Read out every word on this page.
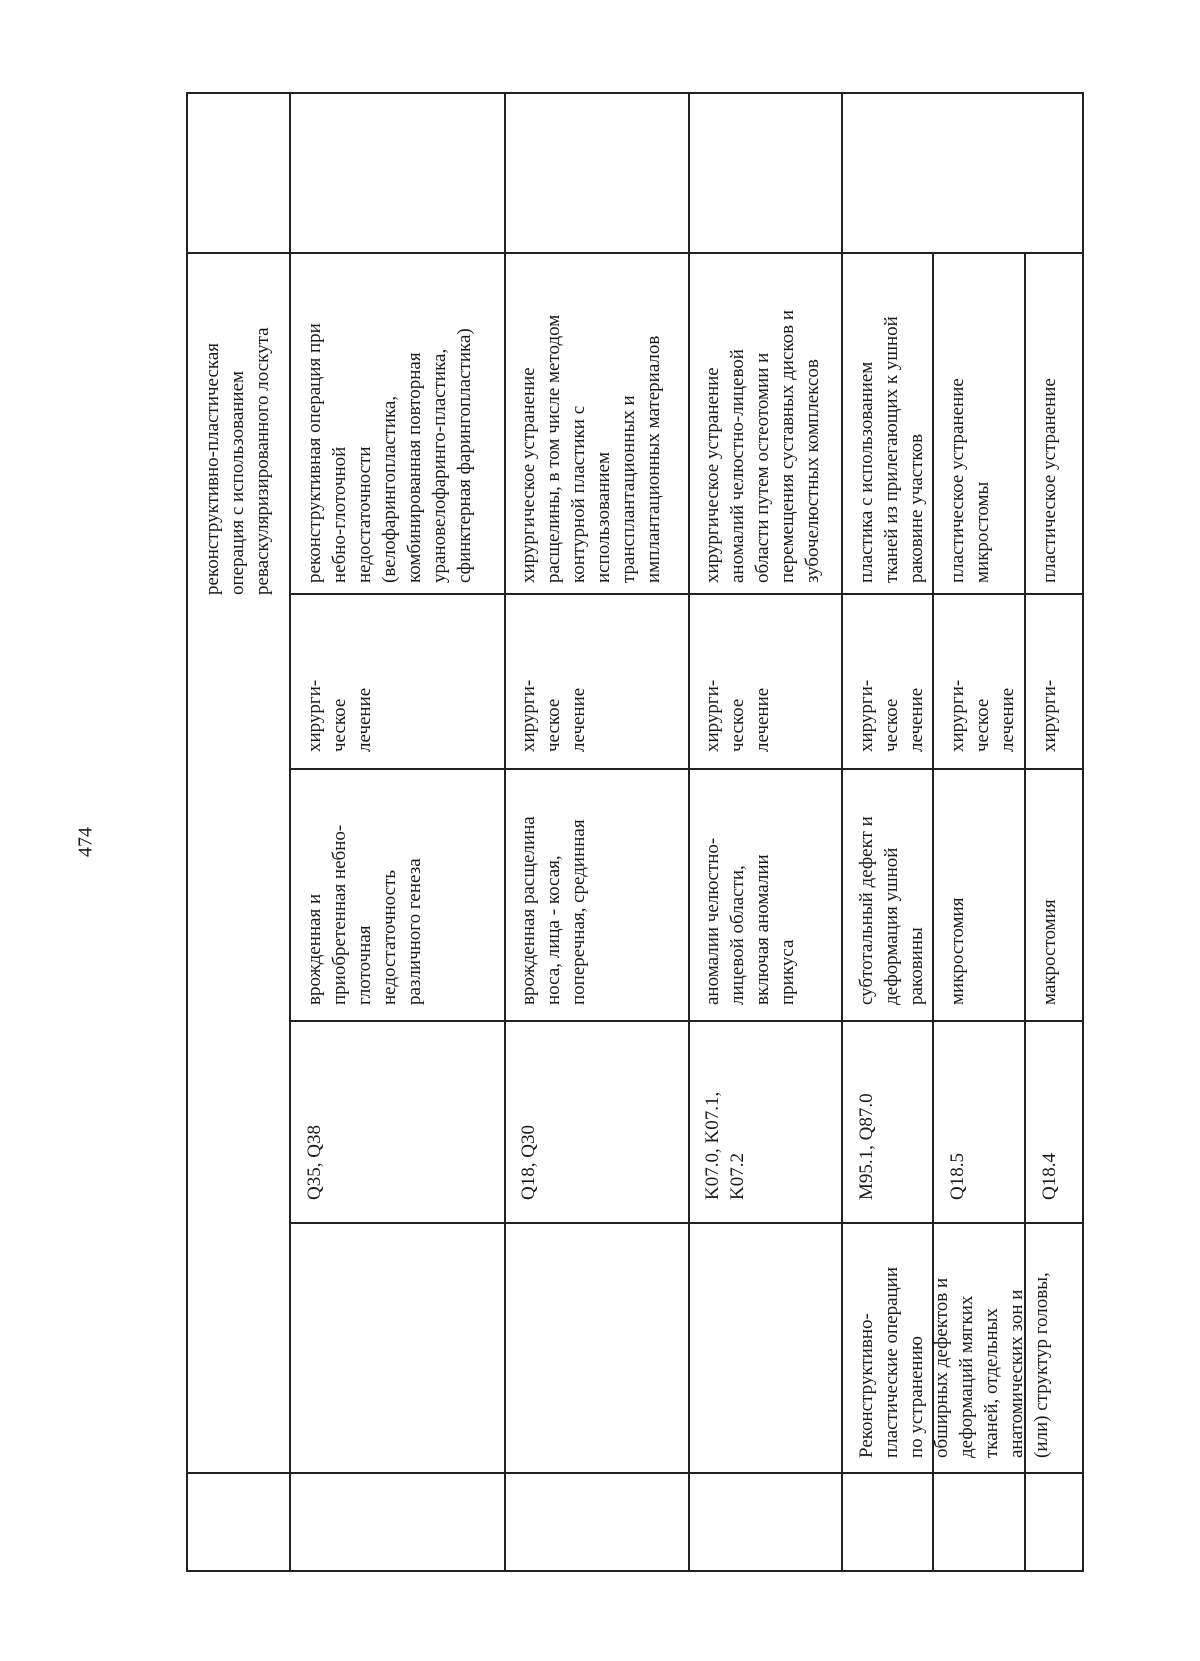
474
реконструктивно-пластическая операция с использованием реваскуляризированного лоскута
Q35, Q38
врожденная и приобретенная небно- глоточная недостаточность различного генеза
хирурги- ческое лечение
реконструктивная операция при небно-глоточной недостаточности (велофарингопластика, комбинированная повторная урановелофаринго-пластика, сфинктерная фарингопластика)
Q18, Q30
врожденная расщелина носа, лица - косая, поперечная, срединная
хирурги- ческое лечение
хирургическое устранение расщелины, в том числе методом контурной пластики с использованием трансплантационных и имплантационных материалов
K07.0, K07.1, K07.2
аномалии челюстно- лицевой области, включая аномалии прикуса
хирурги- ческое лечение
хирургическое устранение аномалий челюстно-лицевой области путем остеотомии и перемещения суставных дисков и зубочелюстных комплексов
Реконструктивно- пластические операции по устранению обширных дефектов и деформаций мягких тканей, отдельных анатомических зон и (или) структур головы,
M95.1, Q87.0
субтотальный дефект и деформация ушной раковины
хирурги- ческое лечение
пластика с использованием тканей из прилегающих к ушной раковине участков
Q18.5
микростомия
хирурги- ческое лечение
пластическое устранение микростомы
Q18.4
макростомия
хирурги-
пластическое устранение
